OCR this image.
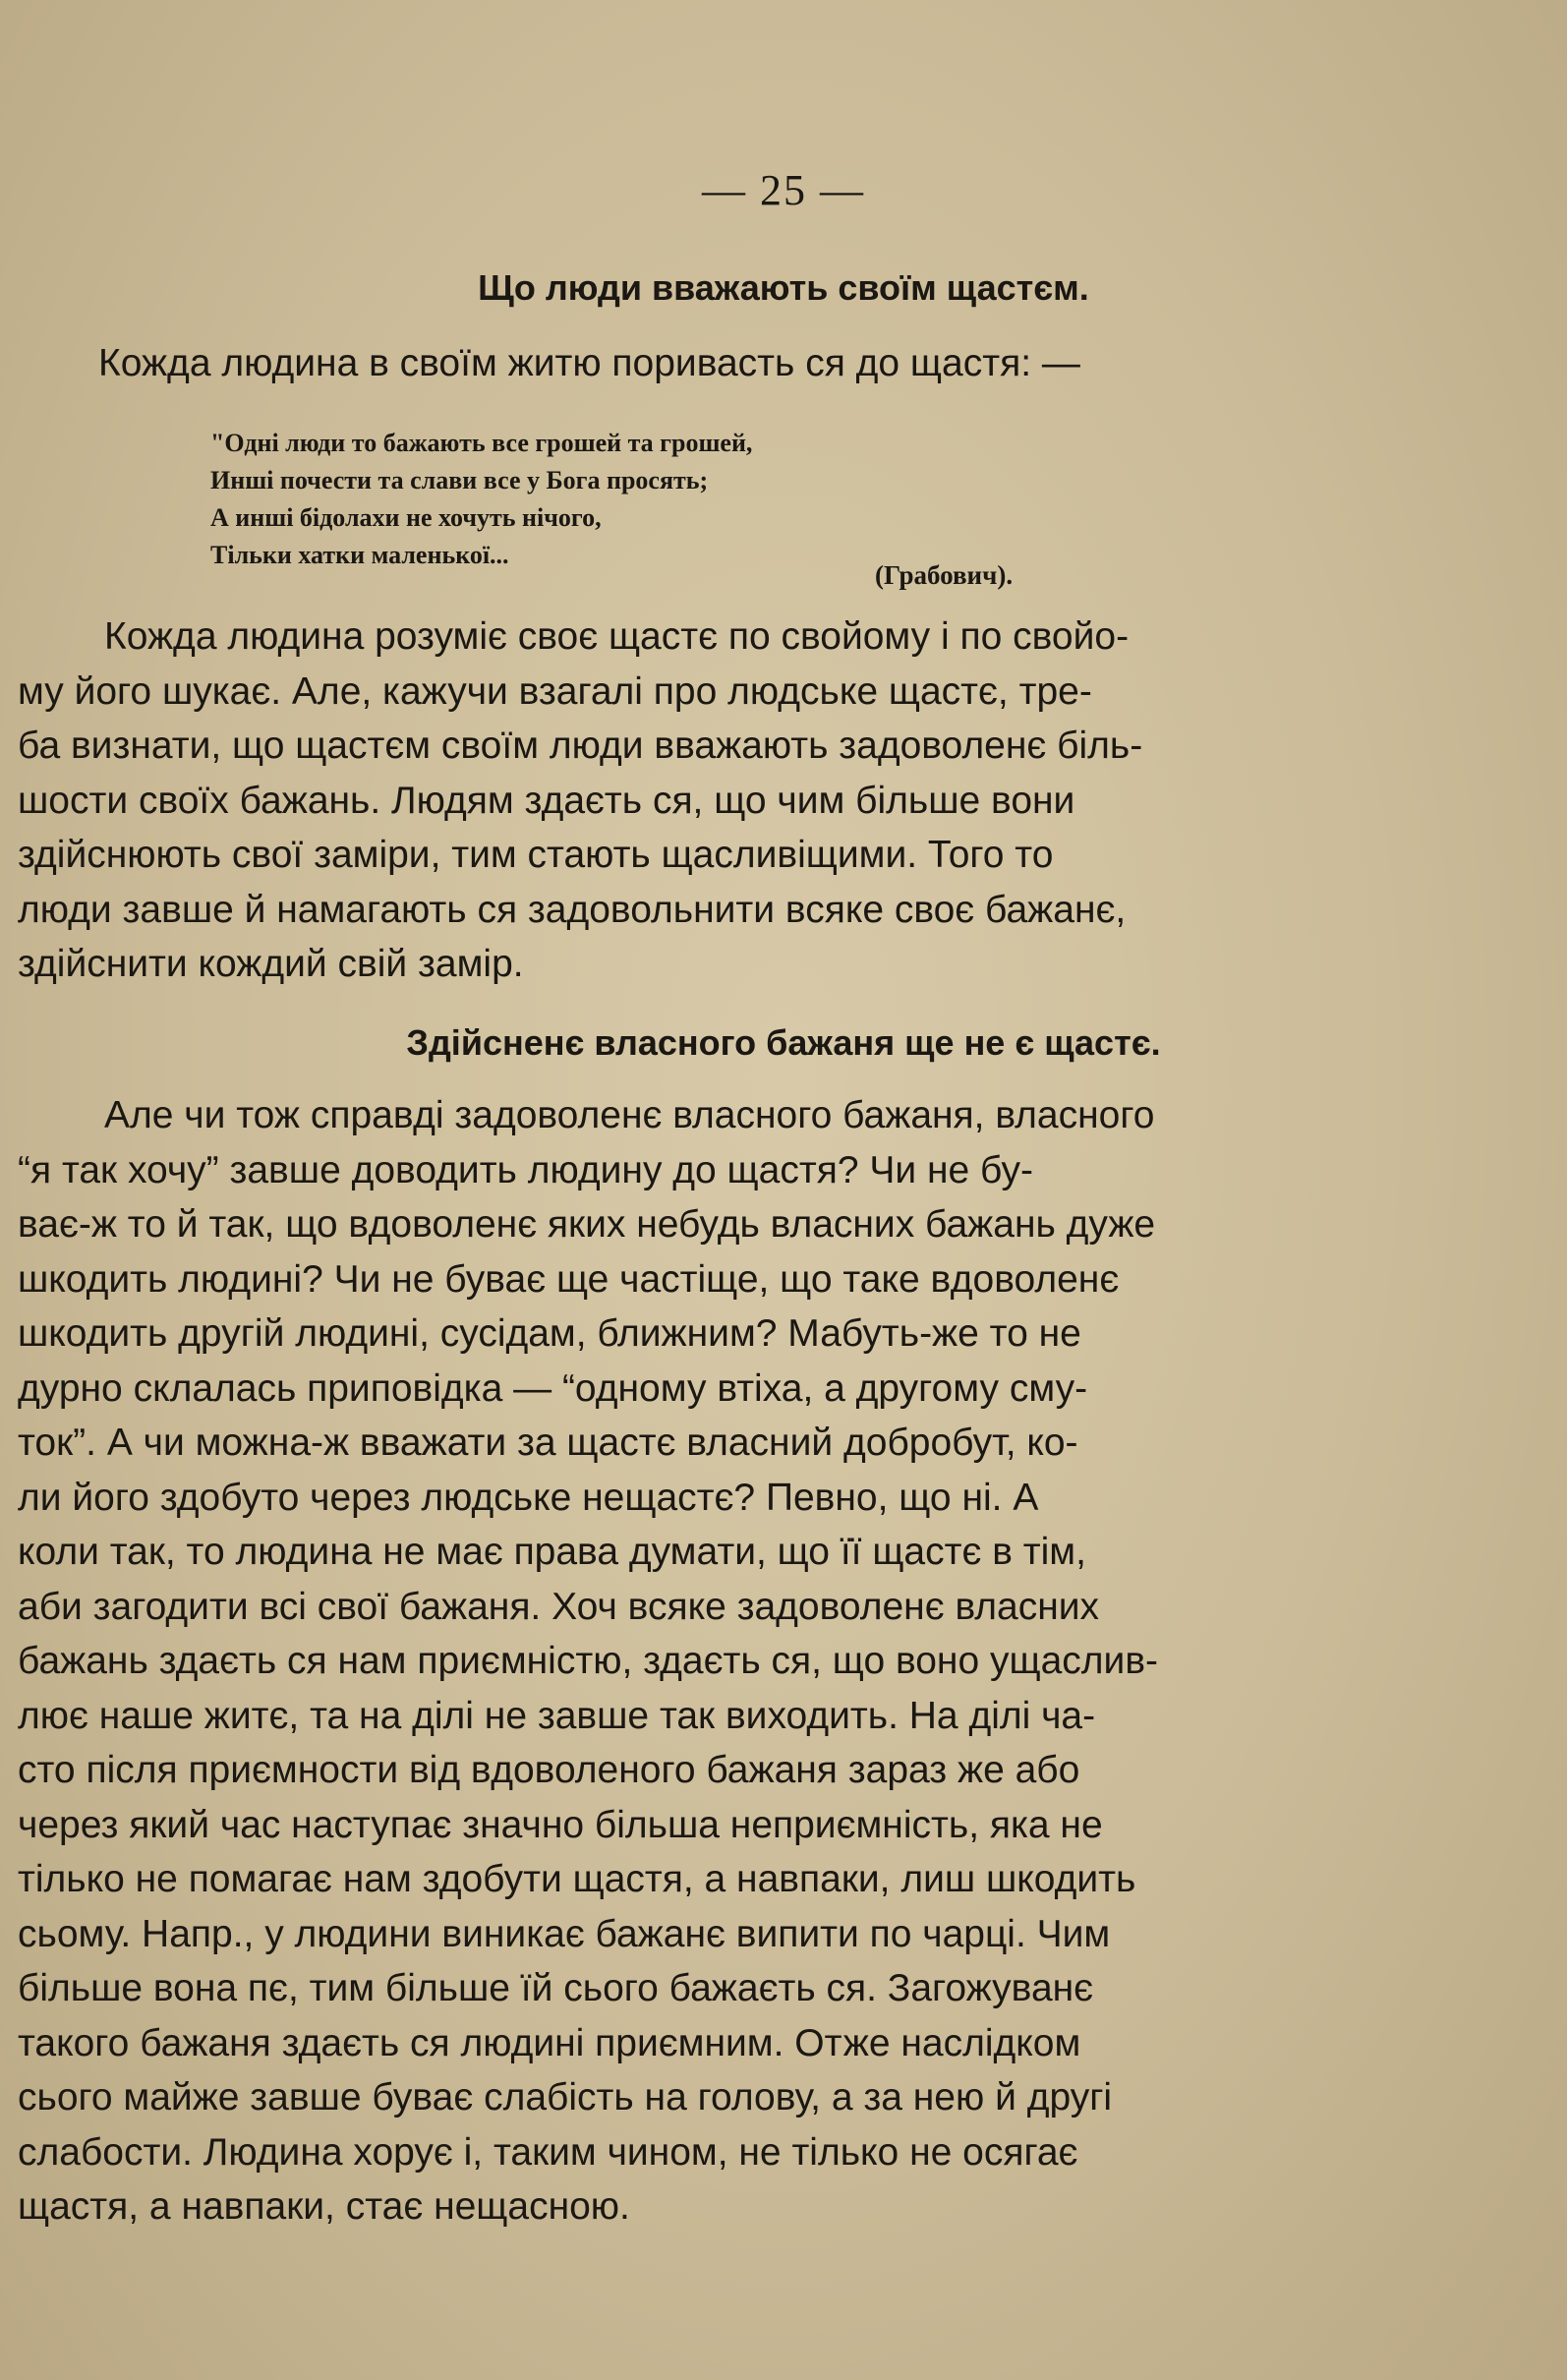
— 25 —
Що люди вважають своїм щастєм.
Кожда людина в своїм житю поривасть ся до щастя: —
"Одні люди то бажають все грошей та грошей,
Инші почести та слави все у Бога просять;
А инші бідолахи не хочуть нічого,
Тільки хатки маленької...
(Грабович).
Кожда людина розуміє своє щастє по свойому і по свойо-
му його шукає. Але, кажучи взагалі про людське щастє, тре-
ба визнати, що щастєм своїм люди вважають задоволенє біль-
шости своїх бажань. Людям здаєть ся, що чим більше вони
здійснюють свої заміри, тим стають щасливіщими. Того то
люди завше й намагають ся задовольнити всяке своє бажанє,
здійснити кождий свій замір.
Здійсненє власного бажаня ще не є щастє.
Але чи тож справді задоволенє власного бажаня, власного
“я так хочу” завше доводить людину до щастя? Чи не бу-
ває-ж то й так, що вдоволенє яких небудь власних бажань дуже
шкодить людині? Чи не буває ще частіще, що таке вдоволенє
шкодить другій людині, сусідам, ближним? Мабуть-же то не
дурно склалась приповідка — “одному втіха, а другому сму-
ток”. А чи можна-ж вважати за щастє власний добробут, ко-
ли його здобуто через людське нещастє? Певно, що ні. А
коли так, то людина не має права думати, що її щастє в тім,
аби загодити всі свої бажаня. Хоч всяке задоволенє власних
бажань здаєть ся нам приємністю, здаєть ся, що воно ущаслив-
лює наше житє, та на ділі не завше так виходить. На ділі ча-
сто після приємности від вдоволеного бажаня зараз же або
через який час наступає значно більша неприємність, яка не
тілько не помагає нам здобути щастя, а навпаки, лиш шкодить
сьому. Напр., у людини виникає бажанє випити по чарці. Чим
більше вона пє, тим більше їй сього бажаєть ся. Загожуванє
такого бажаня здаєть ся людині приємним. Отже наслідком
сього майже завше буває слабість на голову, а за нею й другі
слабости. Людина хорує і, таким чином, не тілько не осягає
щастя, а навпаки, стає нещасною.
